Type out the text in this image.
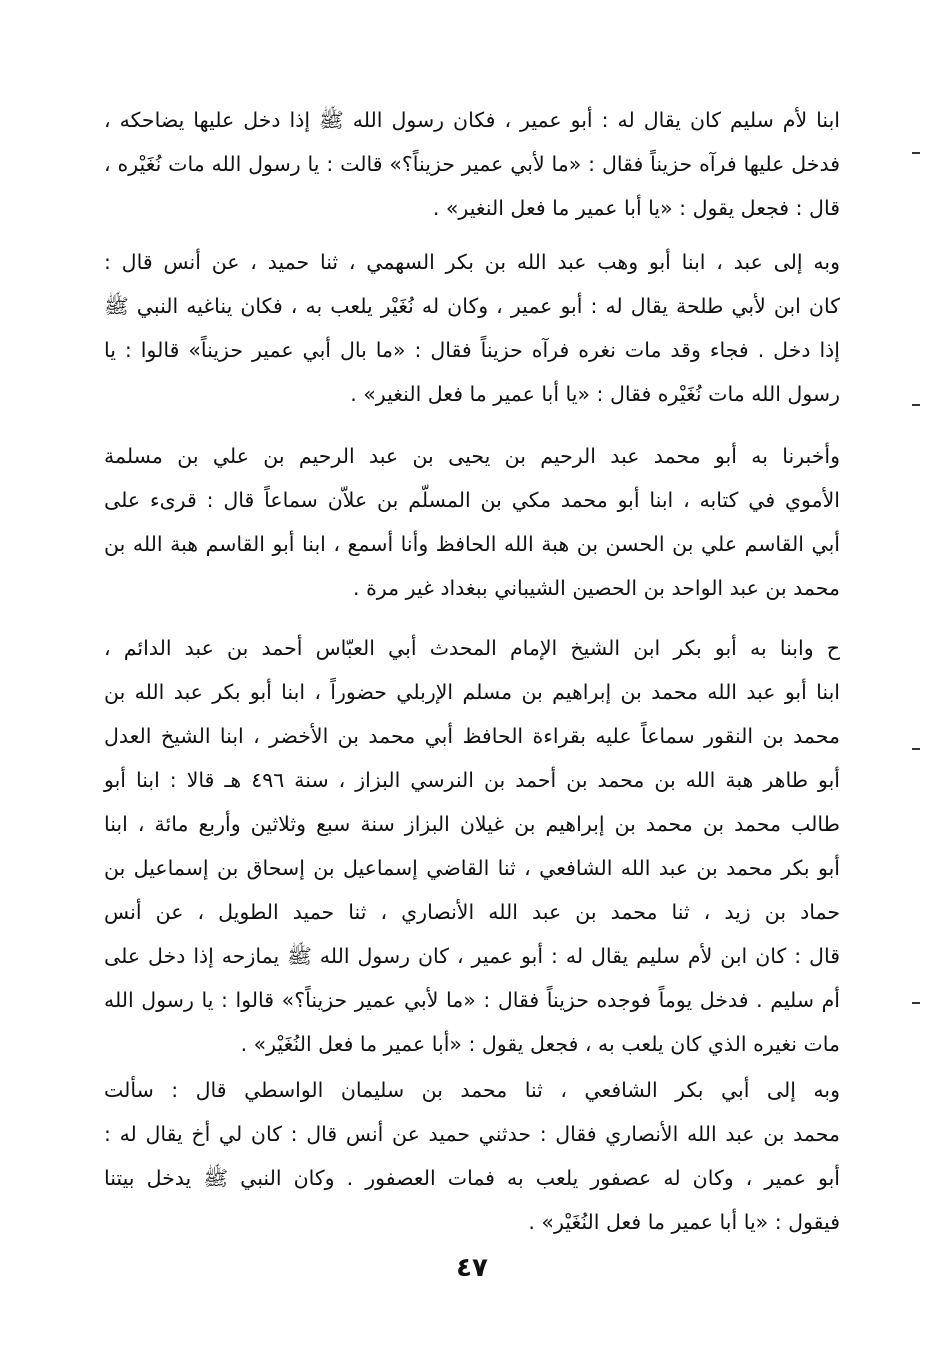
ابنا لأم سليم كان يقال له : أبو عمير ، فكان رسول الله ﷺ إذا دخل عليها يضاحكه ،
فدخل عليها فرآه حزيناً فقال : «ما لأبي عمير حزيناً؟» قالت : يا رسول الله مات نُغَيْره ،
قال : فجعل يقول : «يا أبا عمير ما فعل النغير» .
وبه إلى عبد ، ابنا أبو وهب عبد الله بن بكر السهمي ، ثنا حميد ، عن أنس قال :
كان ابن لأبي طلحة يقال له : أبو عمير ، وكان له نُغَيْر يلعب به ، فكان يناغيه النبي ﷺ
إذا دخل . فجاء وقد مات نغره فرآه حزيناً فقال : «ما بال أبي عمير حزيناً» قالوا : يا
رسول الله مات نُغَيْره فقال : «يا أبا عمير ما فعل النغير» .
وأخبرنا به أبو محمد عبد الرحيم بن يحيى بن عبد الرحيم بن علي بن مسلمة
الأموي في كتابه ، ابنا أبو محمد مكي بن المسلّم بن علاّن سماعاً قال : قرىء على
أبي القاسم علي بن الحسن بن هبة الله الحافظ وأنا أسمع ، ابنا أبو القاسم هبة الله بن
محمد بن عبد الواحد بن الحصين الشيباني ببغداد غير مرة .
ح وابنا به أبو بكر ابن الشيخ الإمام المحدث أبي العبّاس أحمد بن عبد الدائم ،
ابنا أبو عبد الله محمد بن إبراهيم بن مسلم الإربلي حضوراً ، ابنا أبو بكر عبد الله بن
محمد بن النقور سماعاً عليه بقراءة الحافظ أبي محمد بن الأخضر ، ابنا الشيخ العدل
أبو طاهر هبة الله بن محمد بن أحمد بن النرسي البزاز ، سنة ٤٩٦ هـ قالا : ابنا أبو
طالب محمد بن محمد بن إبراهيم بن غيلان البزاز سنة سبع وثلاثين وأربع مائة ، ابنا
أبو بكر محمد بن عبد الله الشافعي ، ثنا القاضي إسماعيل بن إسحاق بن إسماعيل بن
حماد بن زيد ، ثنا محمد بن عبد الله الأنصاري ، ثنا حميد الطويل ، عن أنس
قال : كان ابن لأم سليم يقال له : أبو عمير ، كان رسول الله ﷺ يمازحه إذا دخل على
أم سليم . فدخل يوماً فوجده حزيناً فقال : «ما لأبي عمير حزيناً؟» قالوا : يا رسول الله
مات نغيره الذي كان يلعب به ، فجعل يقول : «أبا عمير ما فعل النُغَيْر» .
وبه إلى أبي بكر الشافعي ، ثنا محمد بن سليمان الواسطي قال : سألت
محمد بن عبد الله الأنصاري فقال : حدثني حميد عن أنس قال : كان لي أخ يقال له :
أبو عمير ، وكان له عصفور يلعب به فمات العصفور . وكان النبي ﷺ يدخل بيتنا
فيقول : «يا أبا عمير ما فعل النُغَيْر» .
٤٧
